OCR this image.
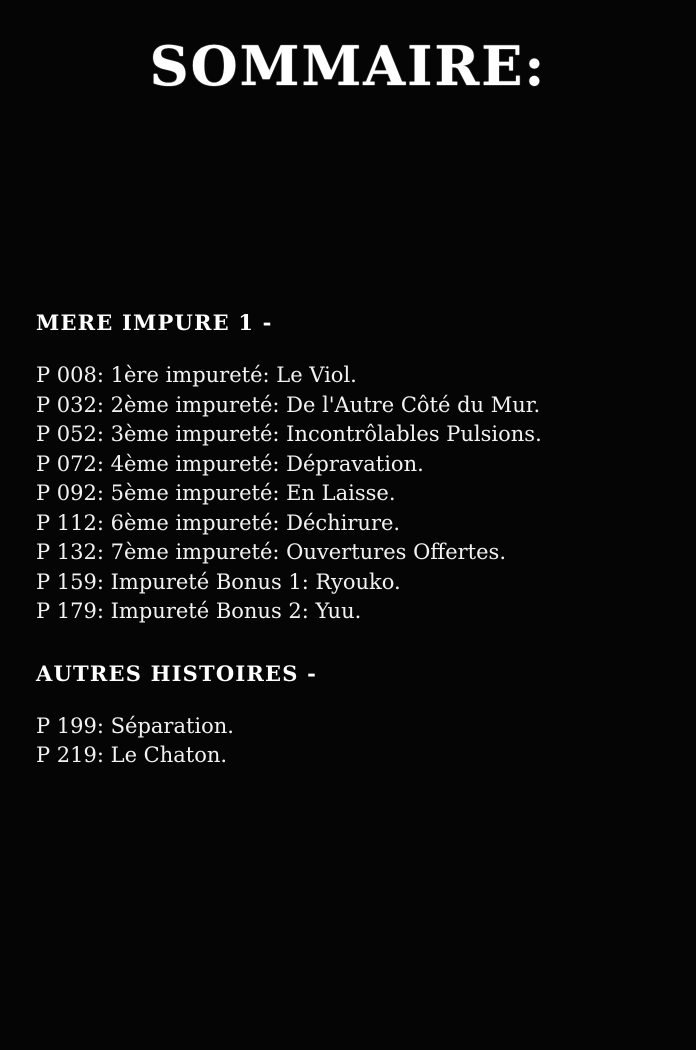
SOMMAIRE:
MERE IMPURE 1 -
P 008: 1ère impureté: Le Viol.
P 032: 2ème impureté: De l'Autre Côté du Mur.
P 052: 3ème impureté: Incontrôlables Pulsions.
P 072: 4ème impureté: Dépravation.
P 092: 5ème impureté: En Laisse.
P 112: 6ème impureté: Déchirure.
P 132: 7ème impureté: Ouvertures Offertes.
P 159: Impureté Bonus 1: Ryouko.
P 179: Impureté Bonus 2: Yuu.
AUTRES HISTOIRES -
P 199: Séparation.
P 219: Le Chaton.
